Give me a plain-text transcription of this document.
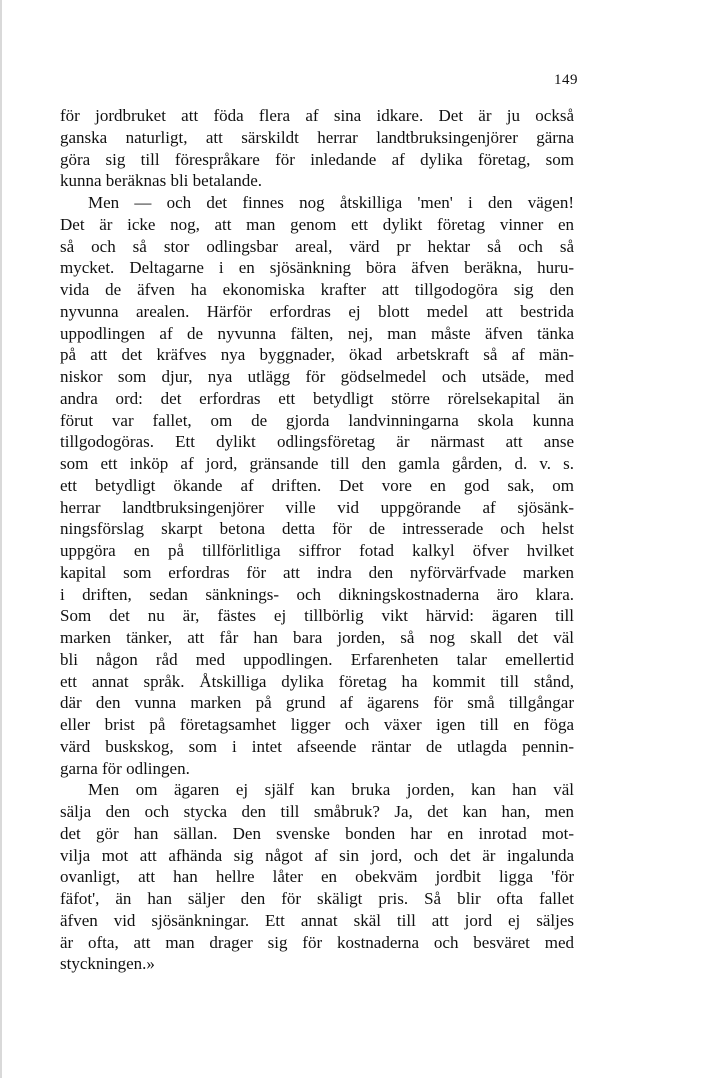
149
för jordbruket att föda flera af sina idkare. Det är ju också
ganska naturligt, att särskildt herrar landtbruksingenjörer gärna
göra sig till förespråkare för inledande af dylika företag, som
kunna beräknas bli betalande.
Men — och det finnes nog åtskilliga 'men' i den vägen!
Det är icke nog, att man genom ett dylikt företag vinner en
så och så stor odlingsbar areal, värd pr hektar så och så
mycket. Deltagarne i en sjösänkning böra äfven beräkna, huru-
vida de äfven ha ekonomiska krafter att tillgodogöra sig den
nyvunna arealen. Härför erfordras ej blott medel att bestrida
uppodlingen af de nyvunna fälten, nej, man måste äfven tänka
på att det kräfves nya byggnader, ökad arbetskraft så af män-
niskor som djur, nya utlägg för gödselmedel och utsäde, med
andra ord: det erfordras ett betydligt större rörelsekapital än
förut var fallet, om de gjorda landvinningarna skola kunna
tillgodogöras. Ett dylikt odlingsföretag är närmast att anse
som ett inköp af jord, gränsande till den gamla gården, d. v. s.
ett betydligt ökande af driften. Det vore en god sak, om
herrar landtbruksingenjörer ville vid uppgörande af sjösänk-
ningsförslag skarpt betona detta för de intresserade och helst
uppgöra en på tillförlitliga siffror fotad kalkyl öfver hvilket
kapital som erfordras för att indra den nyförvärfvade marken
i driften, sedan sänknings- och dikningskostnaderna äro klara.
Som det nu är, fästes ej tillbörlig vikt härvid: ägaren till
marken tänker, att får han bara jorden, så nog skall det väl
bli någon råd med uppodlingen. Erfarenheten talar emellertid
ett annat språk. Åtskilliga dylika företag ha kommit till stånd,
där den vunna marken på grund af ägarens för små tillgångar
eller brist på företagsamhet ligger och växer igen till en föga
värd buskskog, som i intet afseende räntar de utlagda pennin-
garna för odlingen.
Men om ägaren ej själf kan bruka jorden, kan han väl
sälja den och stycka den till småbruk? Ja, det kan han, men
det gör han sällan. Den svenske bonden har en inrotad mot-
vilja mot att afhända sig något af sin jord, och det är ingalunda
ovanligt, att han hellre låter en obekväm jordbit ligga 'för
fäfot', än han säljer den för skäligt pris. Så blir ofta fallet
äfven vid sjösänkningar. Ett annat skäl till att jord ej säljes
är ofta, att man drager sig för kostnaderna och besväret med
styckningen.»
